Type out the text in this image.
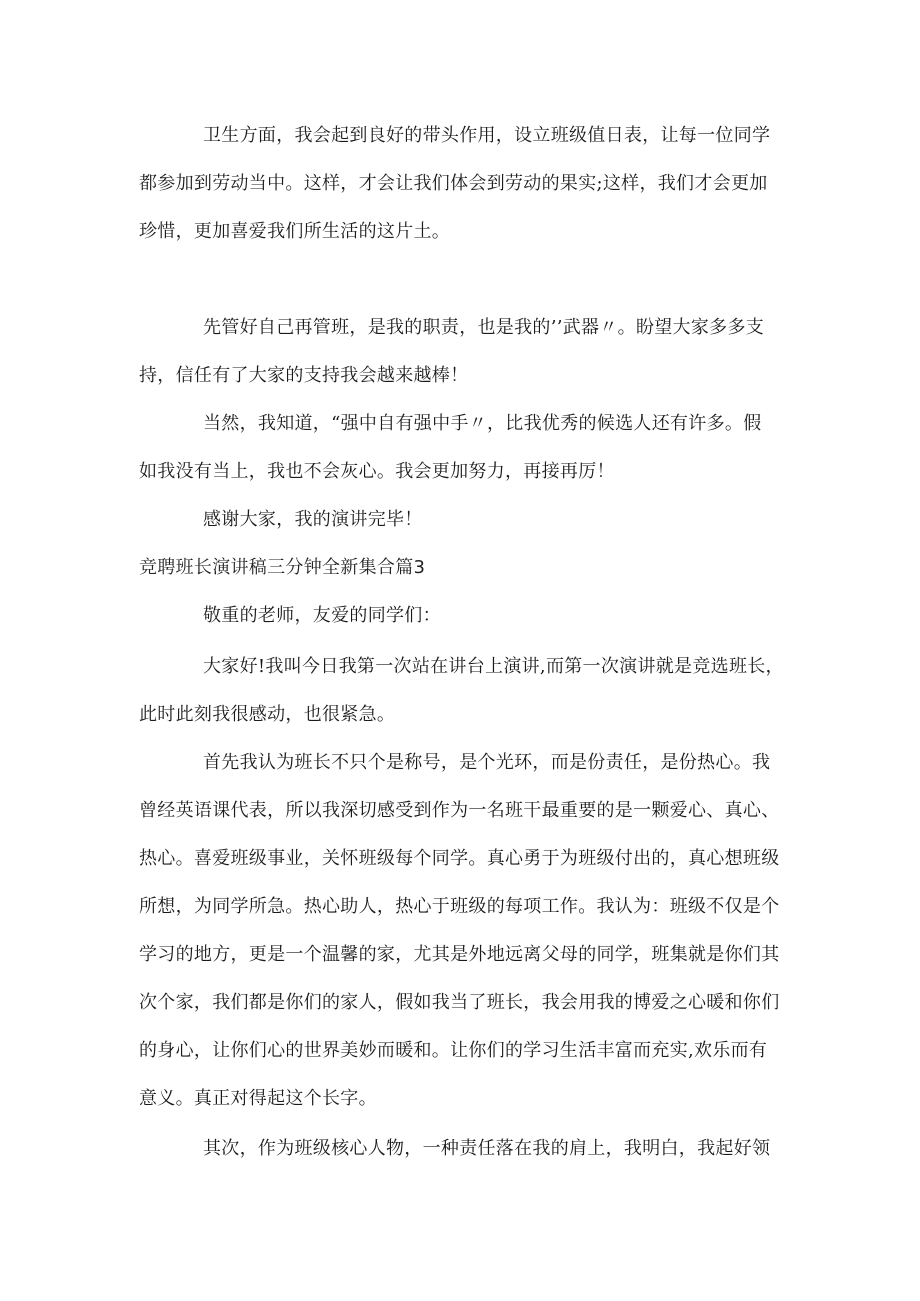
卫生方面，我会起到良好的带头作用，设立班级值日表，让每一位同学
都参加到劳动当中。这样，才会让我们体会到劳动的果实;这样，我们才会更加
珍惜，更加喜爱我们所生活的这片土。
先管好自己再管班，是我的职责，也是我的’’武器〃。盼望大家多多支
持，信任有了大家的支持我会越来越棒！
当然，我知道，“强中自有强中手〃，比我优秀的候选人还有许多。假
如我没有当上，我也不会灰心。我会更加努力，再接再厉！
感谢大家，我的演讲完毕！
竞聘班长演讲稿三分钟全新集合篇3
敬重的老师，友爱的同学们：
大家好!我叫今日我第一次站在讲台上演讲,而第一次演讲就是竞选班长，
此时此刻我很感动，也很紧急。
首先我认为班长不只个是称号，是个光环，而是份责任，是份热心。我
曾经英语课代表，所以我深切感受到作为一名班干最重要的是一颗爱心、真心、
热心。喜爱班级事业，关怀班级每个同学。真心勇于为班级付出的，真心想班级
所想，为同学所急。热心助人，热心于班级的每项工作。我认为：班级不仅是个
学习的地方，更是一个温馨的家，尤其是外地远离父母的同学，班集就是你们其
次个家，我们都是你们的家人，假如我当了班长，我会用我的博爱之心暖和你们
的身心，让你们心的世界美妙而暖和。让你们的学习生活丰富而充实,欢乐而有
意义。真正对得起这个长字。
其次，作为班级核心人物，一种责任落在我的肩上，我明白，我起好领
